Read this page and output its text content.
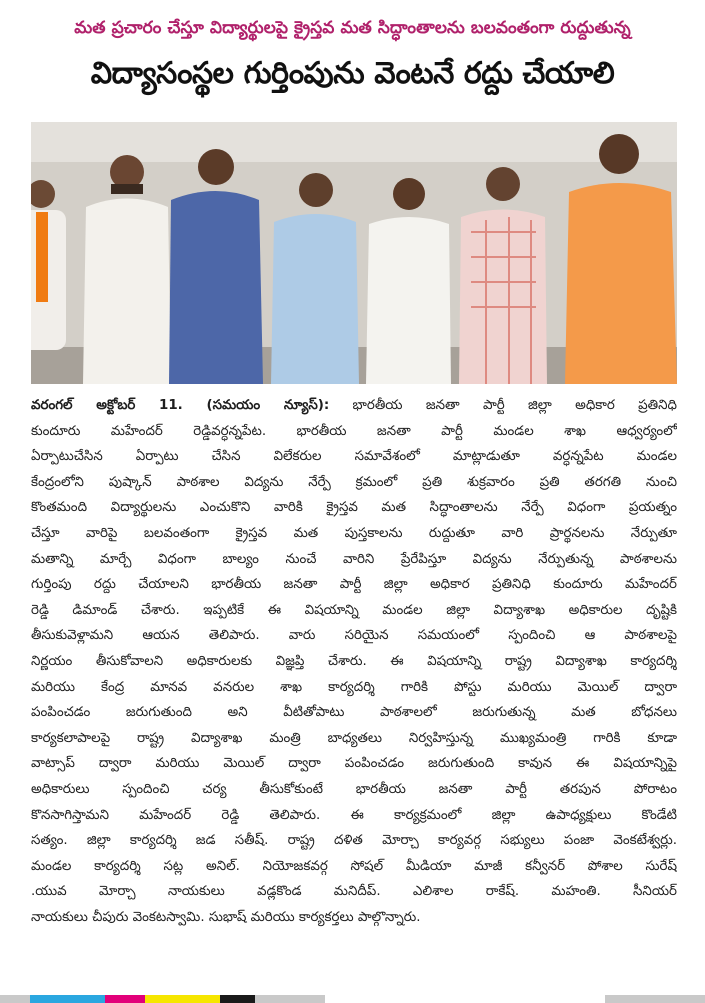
మత ప్రచారం చేస్తూ విద్యార్థులపై క్రైస్తవ మత సిద్ధాంతాలను బలవంతంగా రుద్దుతున్న
విద్యాసంస్థల గుర్తింపును వెంటనే రద్దు చేయాలి
వరంగల్ అక్టోబర్ 11. (సమయం న్యూస్): భారతీయ జనతా పార్టీ జిల్లా అధికార ప్రతినిధి
కుందూరు మహేందర్ రెడ్డివర్ధన్నపేట. భారతీయ జనతా పార్టీ మండల శాఖ ఆధ్వర్యంలో
ఏర్పాటుచేసిన ఏర్పాటు చేసిన విలేకరుల సమావేశంలో మాట్లాడుతూ వర్ధన్నపేట మండల
కేంద్రంలోని పుష్కాన్ పాఠశాల విద్యను నేర్పే క్రమంలో ప్రతి శుక్రవారం ప్రతి తరగతి నుంచి
కొంతమంది విద్యార్థులను ఎంచుకొని వారికి క్రైస్తవ మత సిద్ధాంతాలను నేర్పే విధంగా ప్రయత్నం
చేస్తూ వారిపై బలవంతంగా క్రైస్తవ మత పుస్తకాలను రుద్దుతూ వారి ప్రార్థనలను నేర్పుతూ
మతాన్ని మార్చే విధంగా బాల్యం నుంచే వారిని ప్రేరేపిస్తూ విద్యను నేర్పుతున్న పాఠశాలను
గుర్తింపు రద్దు చేయాలని భారతీయ జనతా పార్టీ జిల్లా అధికార ప్రతినిధి కుందూరు మహేందర్
రెడ్డి డిమాండ్ చేశారు. ఇప్పటికే ఈ విషయాన్ని మండల జిల్లా విద్యాశాఖ అధికారుల దృష్టికి
తీసుకువెళ్లామని ఆయన తెలిపారు. వారు సరియైన సమయంలో స్పందించి ఆ పాఠశాలపై
నిర్ణయం తీసుకోవాలని అధికారులకు విజ్ఞప్తి చేశారు. ఈ విషయాన్ని రాష్ట్ర విద్యాశాఖ కార్యదర్శి
మరియు కేంద్ర మానవ వనరుల శాఖ కార్యదర్శి గారికి పోస్టు మరియు మెయిల్ ద్వారా
పంపించడం జరుగుతుంది అని వీటితోపాటు పాఠశాలలో జరుగుతున్న మత బోధనలు
కార్యకలాపాలపై రాష్ట్ర విద్యాశాఖ మంత్రి బాధ్యతలు నిర్వహిస్తున్న ముఖ్యమంత్రి గారికి కూడా
వాట్సాప్ ద్వారా మరియు మెయిల్ ద్వారా పంపించడం జరుగుతుంది కావున ఈ విషయాన్నిపై
అధికారులు స్పందించి చర్య తీసుకోకుంటే భారతీయ జనతా పార్టీ తరపున పోరాటం
కొనసాగిస్తామని మహేందర్ రెడ్డి తెలిపారు. ఈ కార్యక్రమంలో జిల్లా ఉపాధ్యక్షులు కొండేటి
సత్యం. జిల్లా కార్యదర్శి జడ సతీష్. రాష్ట్ర దళిత మోర్చా కార్యవర్గ సభ్యులు పంజా వెంకటేశ్వర్లు.
మండల కార్యదర్శి సట్ల అనిల్. నియోజకవర్గ సోషల్ మీడియా మాజీ కన్వీనర్ పోశాల సురేష్
.యువ మోర్చా నాయకులు వడ్లకొండ మనిదీప్. ఎలిశాల రాకేష్. మహంతి. సీనియర్
నాయకులు చీపురు వెంకటస్వామి. సుభాష్ మరియు కార్యకర్తలు పాల్గొన్నారు.
